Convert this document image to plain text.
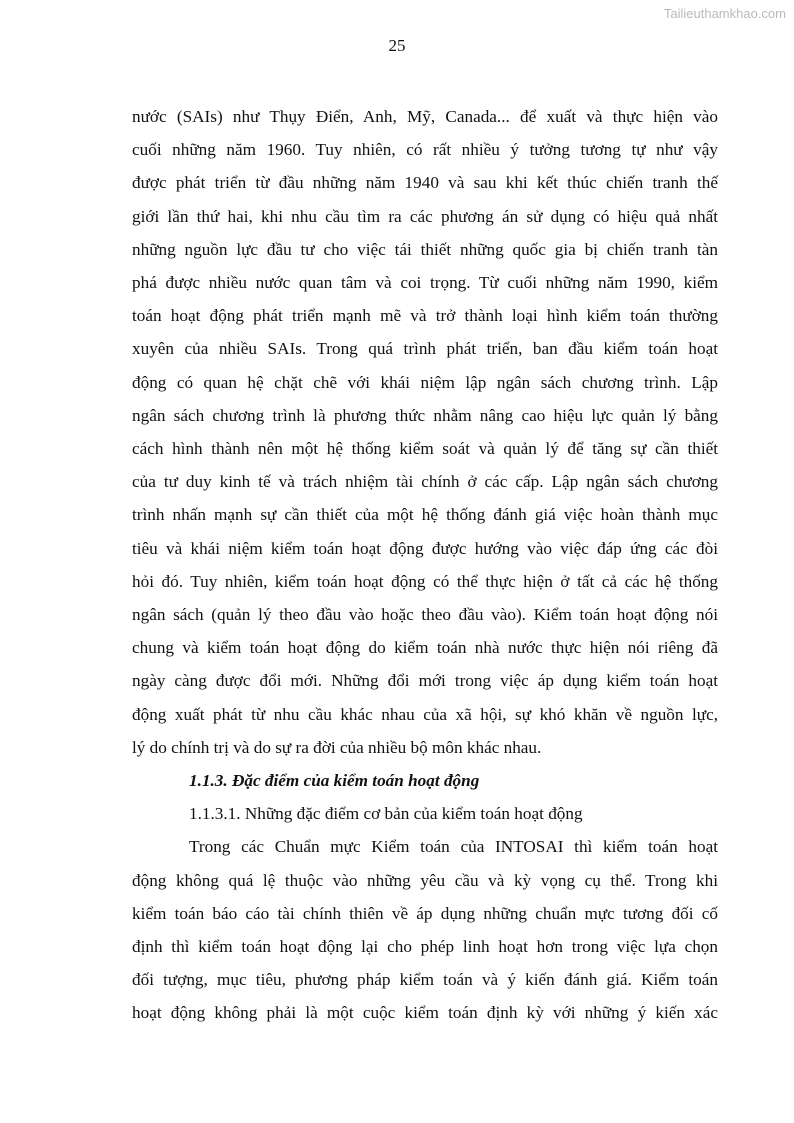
Tailieuthamkhao.com
25

nước (SAIs) như Thụy Điển, Anh, Mỹ, Canada... để xuất và thực hiện vào
cuối những năm 1960. Tuy nhiên, có rất nhiều ý tưởng tương tự như vậy
được phát triển từ đầu những năm 1940 và sau khi kết thúc chiến tranh thế
giới lần thứ hai, khi nhu cầu tìm ra các phương án sử dụng có hiệu quả nhất
những nguồn lực đầu tư cho việc tái thiết những quốc gia bị chiến tranh tàn
phá được nhiều nước quan tâm và coi trọng. Từ cuối những năm 1990, kiểm
toán hoạt động phát triển mạnh mẽ và trở thành loại hình kiểm toán thường
xuyên của nhiều SAIs. Trong quá trình phát triển, ban đầu kiểm toán hoạt
động có quan hệ chặt chẽ với khái niệm lập ngân sách chương trình. Lập
ngân sách chương trình là phương thức nhằm nâng cao hiệu lực quản lý bằng
cách hình thành nên một hệ thống kiểm soát và quản lý để tăng sự cần thiết
của tư duy kinh tế và trách nhiệm tài chính ở các cấp. Lập ngân sách chương
trình nhấn mạnh sự cần thiết của một hệ thống đánh giá việc hoàn thành mục
tiêu và khái niệm kiểm toán hoạt động được hướng vào việc đáp ứng các đòi
hỏi đó. Tuy nhiên, kiểm toán hoạt động có thể thực hiện ở tất cả các hệ thống
ngân sách (quản lý theo đầu vào hoặc theo đầu vào). Kiểm toán hoạt động nói
chung và kiểm toán hoạt động do kiểm toán nhà nước thực hiện nói riêng đã
ngày càng được đổi mới. Những đổi mới trong việc áp dụng kiểm toán hoạt
động xuất phát từ nhu cầu khác nhau của xã hội, sự khó khăn về nguồn lực,
lý do chính trị và do sự ra đời của nhiều bộ môn khác nhau.

1.1.3. Đặc điểm của kiểm toán hoạt động

1.1.3.1. Những đặc điểm cơ bản của kiểm toán hoạt động

Trong các Chuẩn mực Kiểm toán của INTOSAI thì kiểm toán hoạt
động không quá lệ thuộc vào những yêu cầu và kỳ vọng cụ thể. Trong khi
kiểm toán báo cáo tài chính thiên về áp dụng những chuẩn mực tương đối cố
định thì kiểm toán hoạt động lại cho phép linh hoạt hơn trong việc lựa chọn
đối tượng, mục tiêu, phương pháp kiểm toán và ý kiến đánh giá. Kiểm toán
hoạt động không phải là một cuộc kiểm toán định kỳ với những ý kiến xác
